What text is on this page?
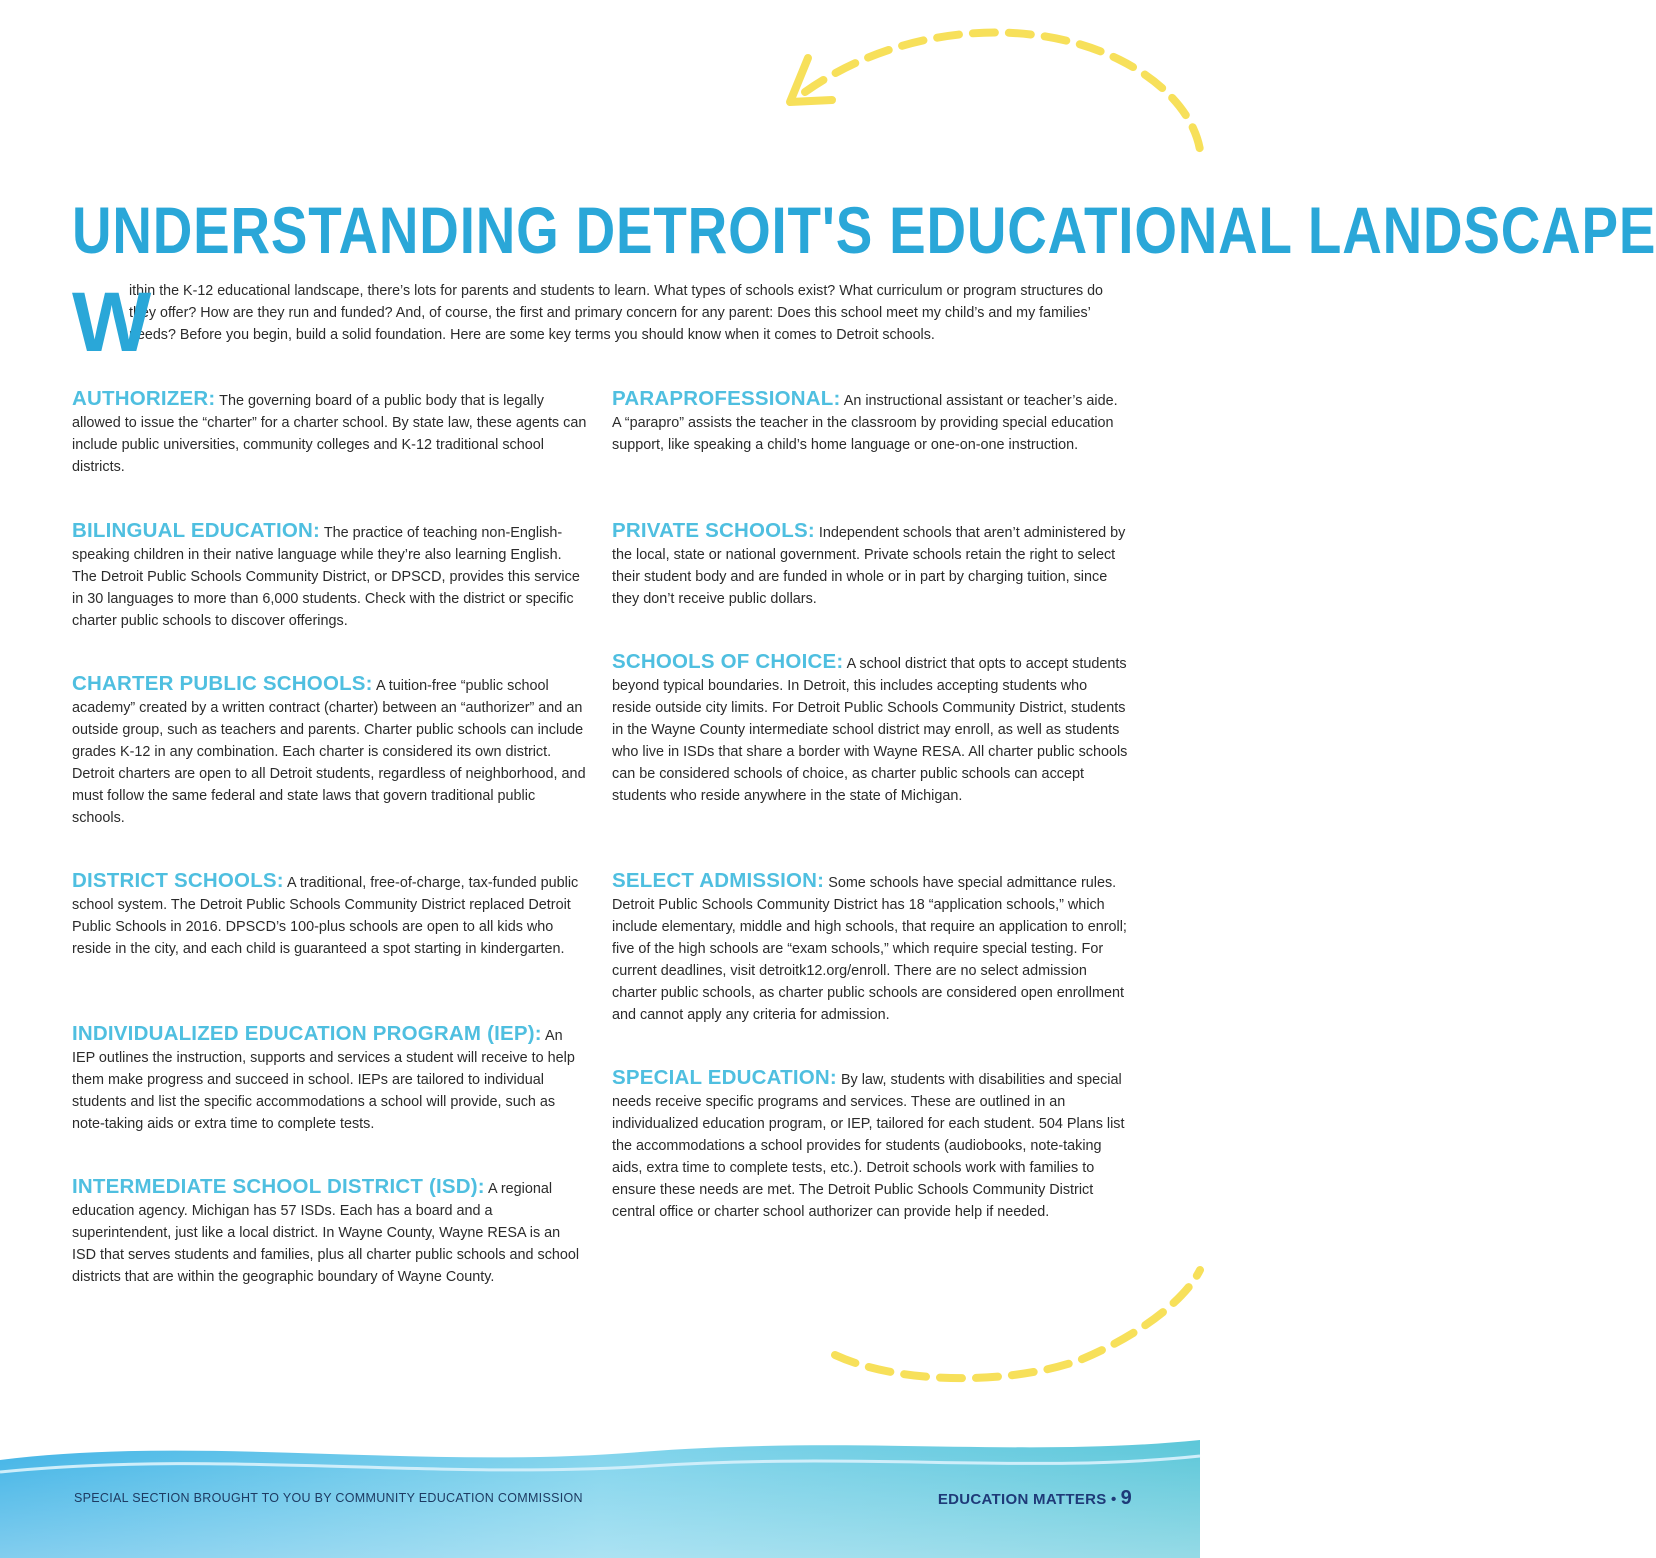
UNDERSTANDING DETROIT'S EDUCATIONAL LANDSCAPE
W
ithin the K-12 educational landscape, there’s lots for parents and students to learn. What types of schools exist? What curriculum or program structures do they offer? How are they run and funded? And, of course, the first and primary concern for any parent: Does this school meet my child’s and my families’ needs? Before you begin, build a solid foundation. Here are some key terms you should know when it comes to Detroit schools.
AUTHORIZER: The governing board of a public body that is legally allowed to issue the “charter” for a charter school. By state law, these agents can include public universities, community colleges and K-12 traditional school districts.
BILINGUAL EDUCATION: The practice of teaching non-English-speaking children in their native language while they’re also learning English. The Detroit Public Schools Community District, or DPSCD, provides this service in 30 languages to more than 6,000 students. Check with the district or specific charter public schools to discover offerings.
CHARTER PUBLIC SCHOOLS: A tuition-free “public school academy” created by a written contract (charter) between an “authorizer” and an outside group, such as teachers and parents. Charter public schools can include grades K-12 in any combination. Each charter is considered its own district. Detroit charters are open to all Detroit students, regardless of neighborhood, and must follow the same federal and state laws that govern traditional public schools.
DISTRICT SCHOOLS: A traditional, free-of-charge, tax-funded public school system. The Detroit Public Schools Community District replaced Detroit Public Schools in 2016. DPSCD’s 100-plus schools are open to all kids who reside in the city, and each child is guaranteed a spot starting in kindergarten.
INDIVIDUALIZED EDUCATION PROGRAM (IEP): An IEP outlines the instruction, supports and services a student will receive to help them make progress and succeed in school. IEPs are tailored to individual students and list the specific accommodations a school will provide, such as note-taking aids or extra time to complete tests.
INTERMEDIATE SCHOOL DISTRICT (ISD): A regional education agency. Michigan has 57 ISDs. Each has a board and a superintendent, just like a local district. In Wayne County, Wayne RESA is an ISD that serves students and families, plus all charter public schools and school districts that are within the geographic boundary of Wayne County.
PARAPROFESSIONAL: An instructional assistant or teacher’s aide. A “parapro” assists the teacher in the classroom by providing special education support, like speaking a child’s home language or one-on-one instruction.
PRIVATE SCHOOLS: Independent schools that aren’t administered by the local, state or national government. Private schools retain the right to select their student body and are funded in whole or in part by charging tuition, since they don’t receive public dollars.
SCHOOLS OF CHOICE: A school district that opts to accept students beyond typical boundaries. In Detroit, this includes accepting students who reside outside city limits. For Detroit Public Schools Community District, students in the Wayne County intermediate school district may enroll, as well as students who live in ISDs that share a border with Wayne RESA. All charter public schools can be considered schools of choice, as charter public schools can accept students who reside anywhere in the state of Michigan.
SELECT ADMISSION: Some schools have special admittance rules. Detroit Public Schools Community District has 18 “application schools,” which include elementary, middle and high schools, that require an application to enroll; five of the high schools are “exam schools,” which require special testing. For current deadlines, visit detroitk12.org/enroll. There are no select admission charter public schools, as charter public schools are considered open enrollment and cannot apply any criteria for admission.
SPECIAL EDUCATION: By law, students with disabilities and special needs receive specific programs and services. These are outlined in an individualized education program, or IEP, tailored for each student. 504 Plans list the accommodations a school provides for students (audiobooks, note-taking aids, extra time to complete tests, etc.). Detroit schools work with families to ensure these needs are met. The Detroit Public Schools Community District central office or charter school authorizer can provide help if needed.
SPECIAL SECTION BROUGHT TO YOU BY COMMUNITY EDUCATION COMMISSION	EDUCATION MATTERS • 9
